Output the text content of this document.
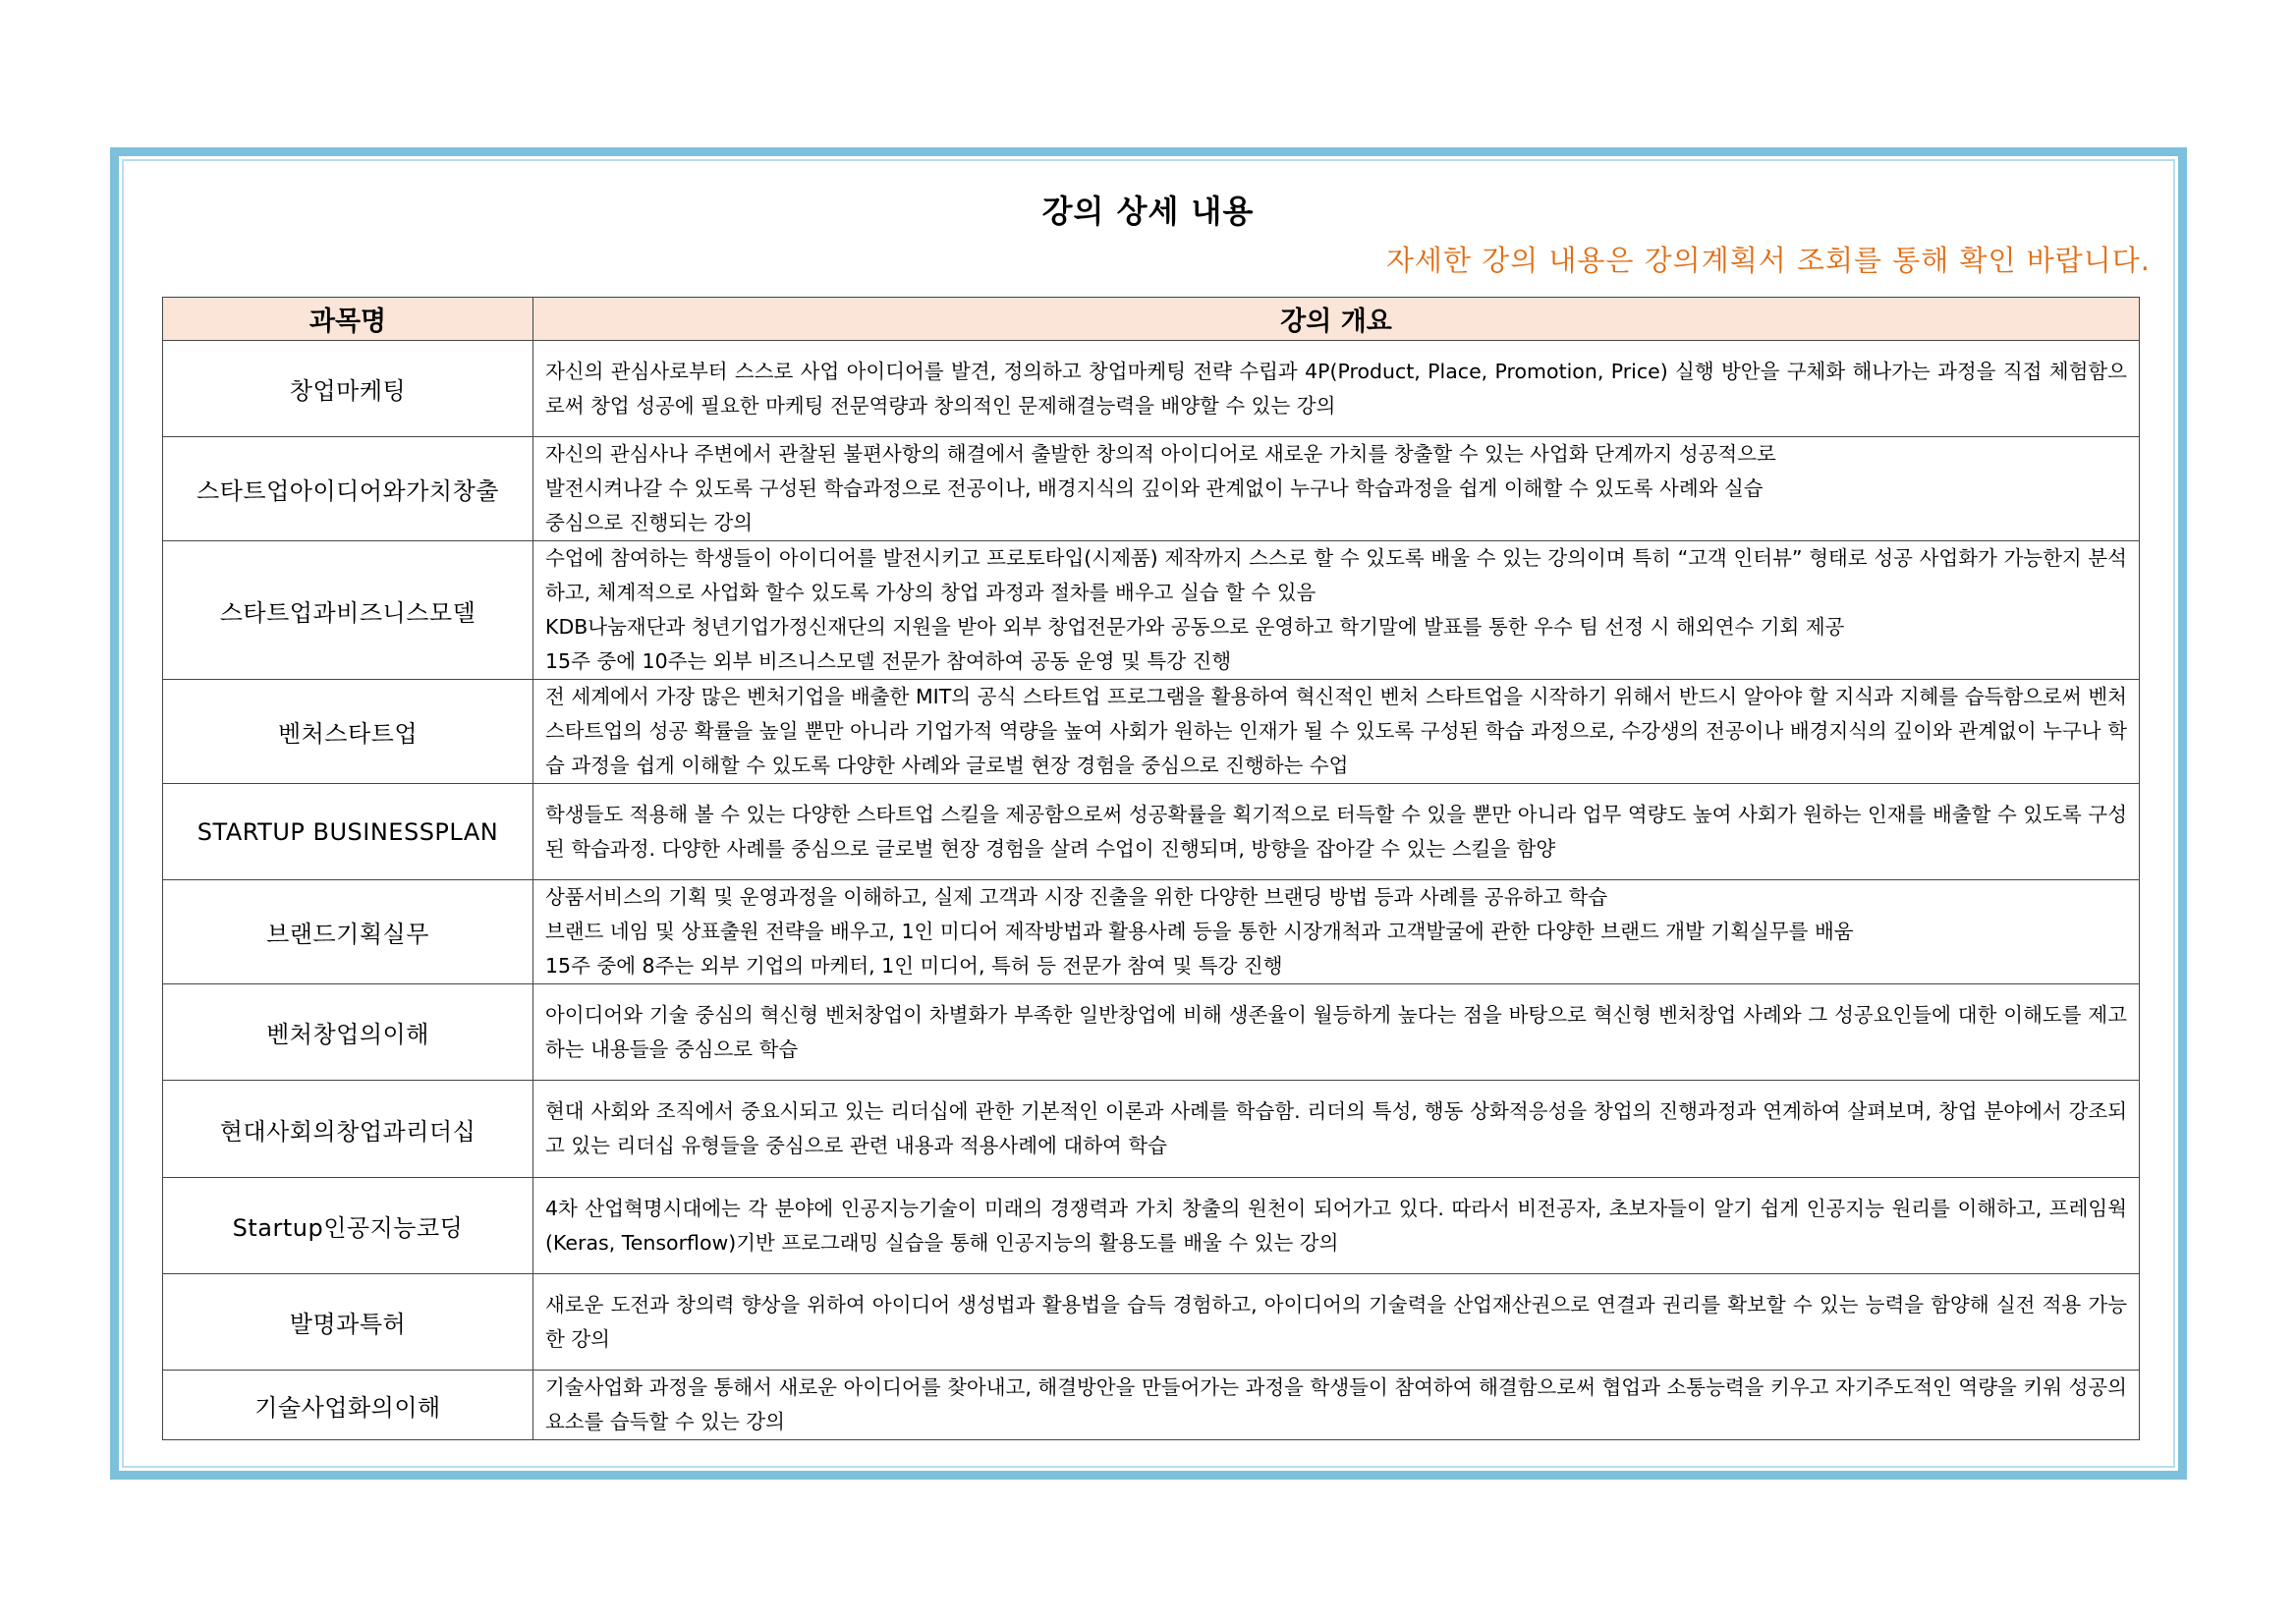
강의 상세 내용
자세한 강의 내용은 강의계획서 조회를 통해 확인 바랍니다.
과목명	강의 개요
창업마케팅	자신의 관심사로부터 스스로 사업 아이디어를 발견, 정의하고 창업마케팅 전략 수립과 4P(Product, Place, Promotion, Price) 실행 방안을 구체화 해나가는 과정을 직접 체험함으로써 창업 성공에 필요한 마케팅 전문역량과 창의적인 문제해결능력을 배양할 수 있는 강의

스타트업아이디어와가치창출	자신의 관심사나 주변에서 관찰된 불편사항의 해결에서 출발한 창의적 아이디어로 새로운 가치를 창출할 수 있는 사업화 단계까지 성공적으로
발전시켜나갈 수 있도록 구성된 학습과정으로 전공이나, 배경지식의 깊이와 관계없이 누구나 학습과정을 쉽게 이해할 수 있도록 사례와 실습
중심으로 진행되는 강의

스타트업과비즈니스모델	수업에 참여하는 학생들이 아이디어를 발전시키고 프로토타입(시제품) 제작까지 스스로 할 수 있도록 배울 수 있는 강의이며 특히 “고객 인터뷰” 형태로 성공 사업화가 가능한지 분석하고, 체계적으로 사업화 할수 있도록 가상의 창업 과정과 절차를 배우고 실습 할 수 있음
KDB나눔재단과 청년기업가정신재단의 지원을 받아 외부 창업전문가와 공동으로 운영하고 학기말에 발표를 통한 우수 팀 선정 시 해외연수 기회 제공
15주 중에 10주는 외부 비즈니스모델 전문가 참여하여 공동 운영 및 특강 진행

벤처스타트업	전 세계에서 가장 많은 벤처기업을 배출한 MIT의 공식 스타트업 프로그램을 활용하여 혁신적인 벤처 스타트업을 시작하기 위해서 반드시 알아야 할 지식과 지혜를 습득함으로써 벤처 스타트업의 성공 확률을 높일 뿐만 아니라 기업가적 역량을 높여 사회가 원하는 인재가 될 수 있도록 구성된 학습 과정으로, 수강생의 전공이나 배경지식의 깊이와 관계없이 누구나 학습 과정을 쉽게 이해할 수 있도록 다양한 사례와 글로벌 현장 경험을 중심으로 진행하는 수업

STARTUP BUSINESSPLAN	학생들도 적용해 볼 수 있는 다양한 스타트업 스킬을 제공함으로써 성공확률을 획기적으로 터득할 수 있을 뿐만 아니라 업무 역량도 높여 사회가 원하는 인재를 배출할 수 있도록 구성된 학습과정. 다양한 사례를 중심으로 글로벌 현장 경험을 살려 수업이 진행되며, 방향을 잡아갈 수 있는 스킬을 함양

브랜드기획실무	상품서비스의 기획 및 운영과정을 이해하고, 실제 고객과 시장 진출을 위한 다양한 브랜딩 방법 등과 사례를 공유하고 학습
브랜드 네임 및 상표출원 전략을 배우고, 1인 미디어 제작방법과 활용사례 등을 통한 시장개척과 고객발굴에 관한 다양한 브랜드 개발 기획실무를 배움
15주 중에 8주는 외부 기업의 마케터, 1인 미디어, 특허 등 전문가 참여 및 특강 진행

벤처창업의이해	아이디어와 기술 중심의 혁신형 벤처창업이 차별화가 부족한 일반창업에 비해 생존율이 월등하게 높다는 점을 바탕으로 혁신형 벤처창업 사례와 그 성공요인들에 대한 이해도를 제고하는 내용들을 중심으로 학습

현대사회의창업과리더십	현대 사회와 조직에서 중요시되고 있는 리더십에 관한 기본적인 이론과 사례를 학습함. 리더의 특성, 행동 상화적응성을 창업의 진행과정과 연계하여 살펴보며, 창업 분야에서 강조되고 있는 리더십 유형들을 중심으로 관련 내용과 적용사례에 대하여 학습

Startup인공지능코딩	4차 산업혁명시대에는 각 분야에 인공지능기술이 미래의 경쟁력과 가치 창출의 원천이 되어가고 있다. 따라서 비전공자, 초보자들이 알기 쉽게 인공지능 원리를 이해하고, 프레임웍(Keras, Tensorflow)기반 프로그래밍 실습을 통해 인공지능의 활용도를 배울 수 있는 강의

발명과특허	새로운 도전과 창의력 향상을 위하여 아이디어 생성법과 활용법을 습득 경험하고, 아이디어의 기술력을 산업재산권으로 연결과 권리를 확보할 수 있는 능력을 함양해 실전 적용 가능한 강의

기술사업화의이해	기술사업화 과정을 통해서 새로운 아이디어를 찾아내고, 해결방안을 만들어가는 과정을 학생들이 참여하여 해결함으로써 협업과 소통능력을 키우고 자기주도적인 역량을 키워 성공의 요소를 습득할 수 있는 강의
